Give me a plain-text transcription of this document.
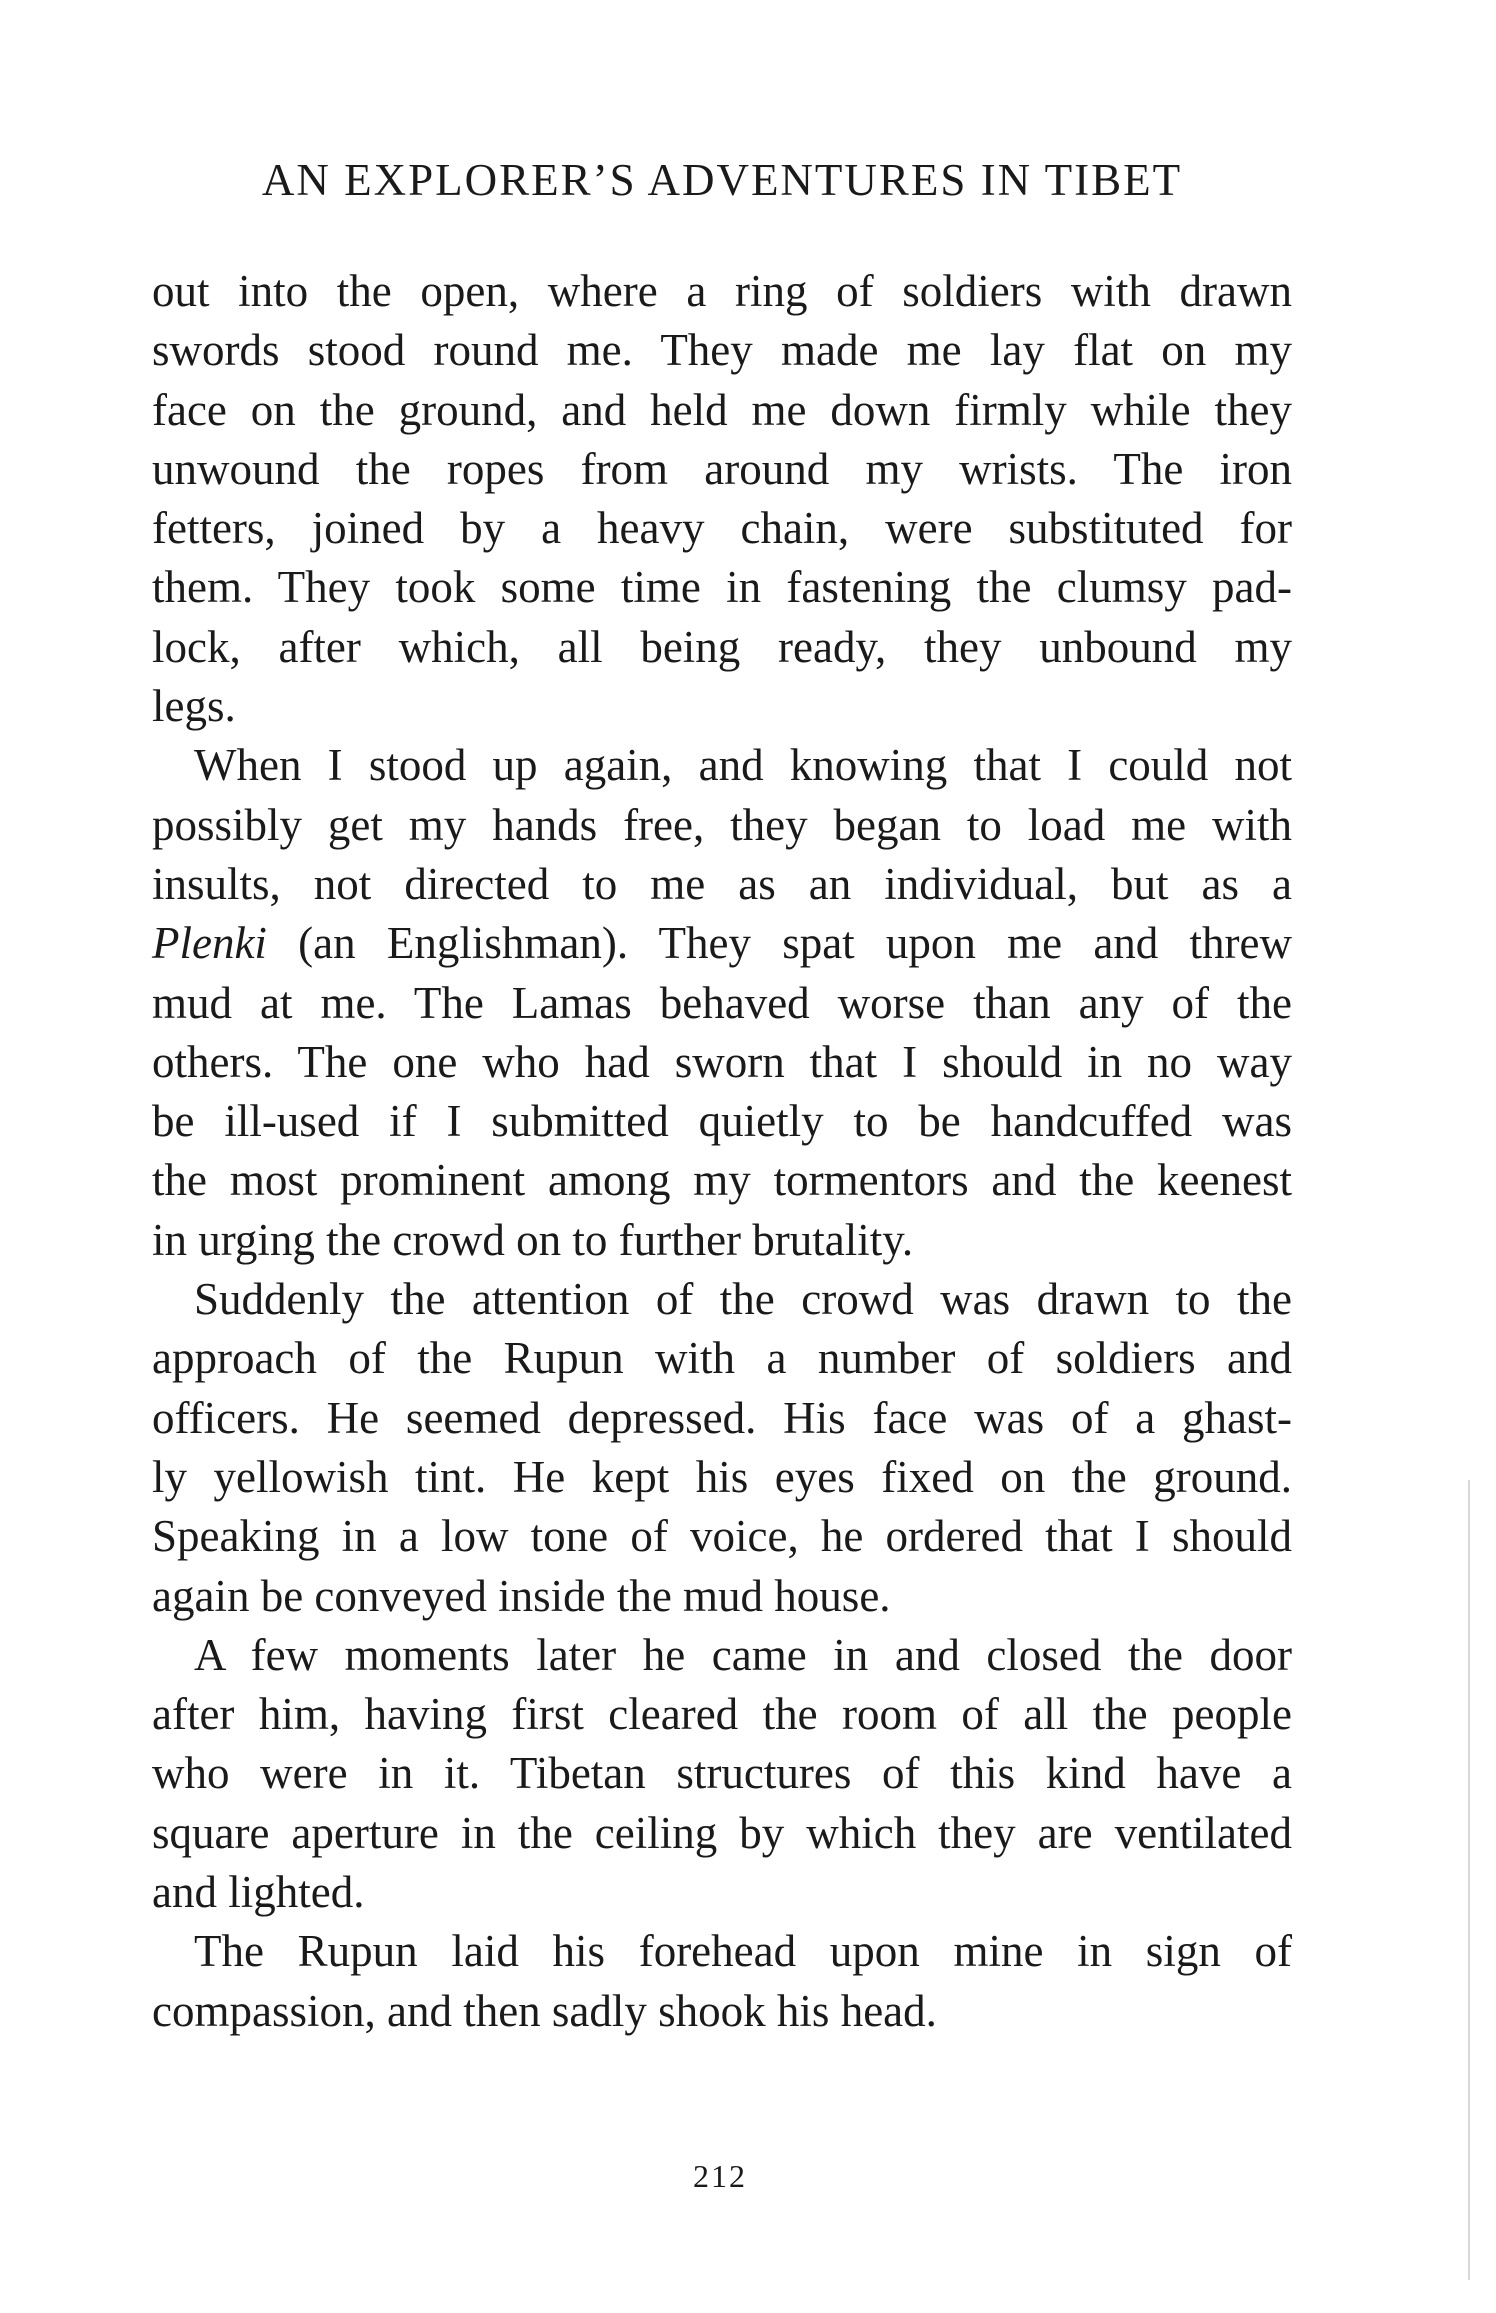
AN EXPLORER’S ADVENTURES IN TIBET
out into the open, where a ring of soldiers with drawn
swords stood round me. They made me lay flat on my
face on the ground, and held me down firmly while they
unwound the ropes from around my wrists. The iron
fetters, joined by a heavy chain, were substituted for
them. They took some time in fastening the clumsy pad-
lock, after which, all being ready, they unbound my
legs.
When I stood up again, and knowing that I could not
possibly get my hands free, they began to load me with
insults, not directed to me as an individual, but as a
Plenki (an Englishman). They spat upon me and threw
mud at me. The Lamas behaved worse than any of the
others. The one who had sworn that I should in no way
be ill-used if I submitted quietly to be handcuffed was
the most prominent among my tormentors and the keenest
in urging the crowd on to further brutality.
Suddenly the attention of the crowd was drawn to the
approach of the Rupun with a number of soldiers and
officers. He seemed depressed. His face was of a ghast-
ly yellowish tint. He kept his eyes fixed on the ground.
Speaking in a low tone of voice, he ordered that I should
again be conveyed inside the mud house.
A few moments later he came in and closed the door
after him, having first cleared the room of all the people
who were in it. Tibetan structures of this kind have a
square aperture in the ceiling by which they are ventilated
and lighted.
The Rupun laid his forehead upon mine in sign of
compassion, and then sadly shook his head.
212
